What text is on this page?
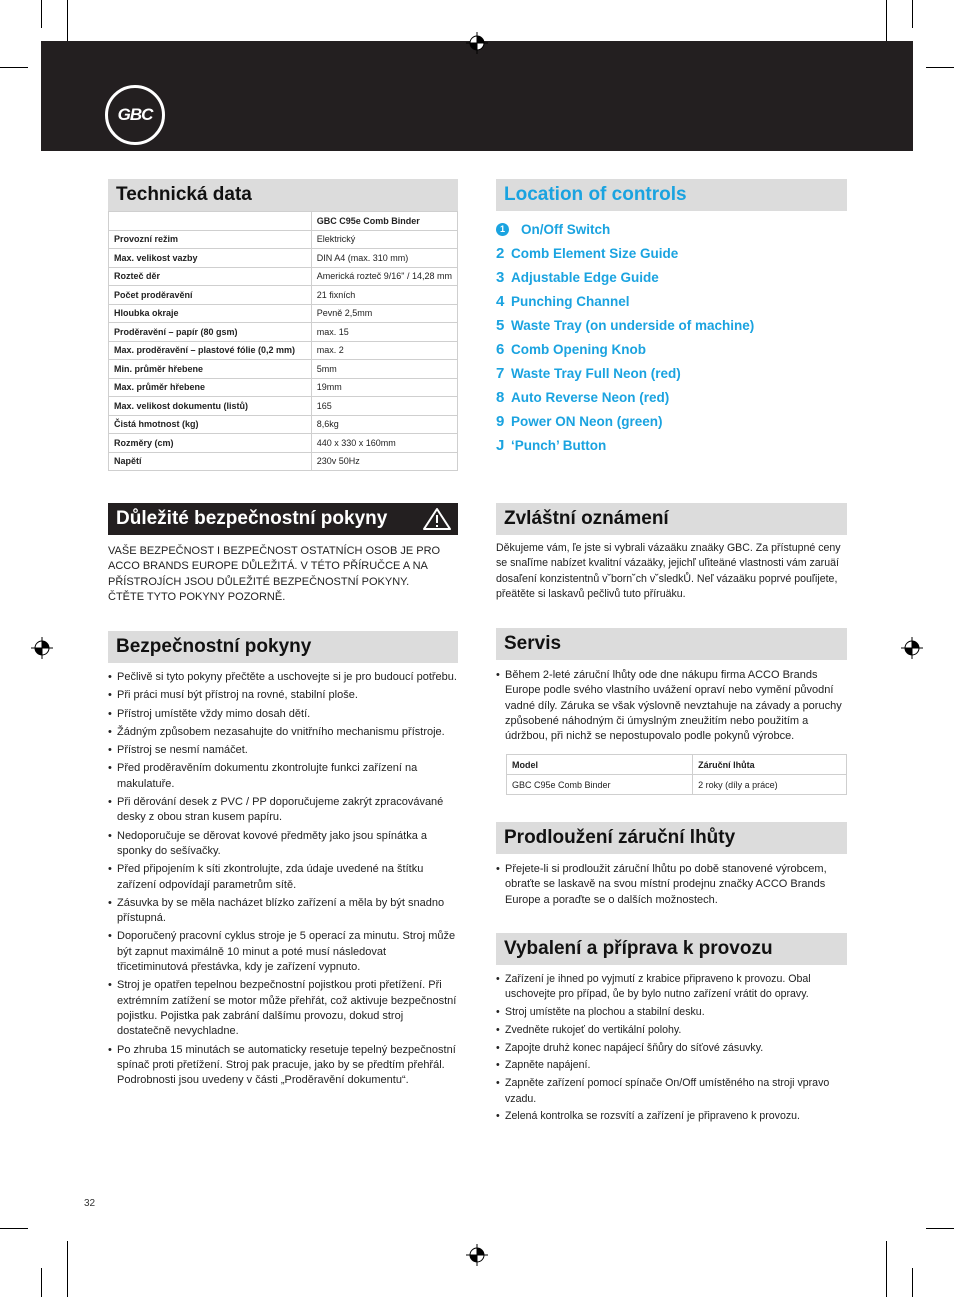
GBC
Technická data
	GBC C95e Comb Binder
Provozní režim	Elektrický
Max. velikost vazby	DIN A4 (max. 310 mm)
Rozteč děr	Americká rozteč 9/16" / 14,28 mm
Počet proděravění	21 fixních
Hloubka okraje	Pevně 2,5mm
Proděravění – papír (80 gsm)	max. 15
Max. proděravění – plastové fólie (0,2 mm)	max. 2
Min. průměr hřebene	5mm
Max. průměr hřebene	19mm
Max. velikost dokumentu (listů)	165
Čistá hmotnost (kg)	8,6kg
Rozměry (cm)	440 x 330 x 160mm
Napětí	230v 50Hz
Location of controls
1 On/Off Switch
2 Comb Element Size Guide
3 Adjustable Edge Guide
4 Punching Channel
5 Waste Tray (on underside of machine)
6 Comb Opening Knob
7 Waste Tray Full Neon (red)
8 Auto Reverse Neon (red)
9 Power ON Neon (green)
J ‘Punch’ Button
Důležité bezpečnostní pokyny

VAŠE BEZPEČNOST I BEZPEČNOST OSTATNÍCH OSOB JE PRO ACCO BRANDS EUROPE DŮLEŽITÁ. V TÉTO PŘÍRUČCE A NA PŘÍSTROJÍCH JSOU DŮLEŽITÉ BEZPEČNOSTNÍ POKYNY. ČTĚTE TYTO POKYNY POZORNĚ.

Zvláštní oznámení

Děkujeme vám, ľe jste si vybrali vázaäku znaäky GBC. Za přístupné ceny se snaľíme nabízet kvalitní vázaäky, jejichľ uľiteäné vlastnosti vám zaruäí dosaľení konzistentnů v˘born˘ch v˘sledkŮ. Neľ vázaäku poprvé pouľijete, přeätěte si laskavů pečlivů tuto příruäku.

Bezpečnostní pokyny
• Pečlivě si tyto pokyny přečtěte a uschovejte si je pro budoucí potřebu.
• Při práci musí být přístroj na rovné, stabilní ploše.
• Přístroj umístěte vždy mimo dosah dětí.
• Žádným způsobem nezasahujte do vnitřního mechanismu přístroje.
• Přístroj se nesmí namáčet.
• Před proděravěním dokumentu zkontrolujte funkci zařízení na makulatuře.
• Při děrování desek z PVC / PP doporučujeme zakrýt zpracovávané desky z obou stran kusem papíru.
• Nedoporučuje se děrovat kovové předměty jako jsou spínátka a sponky do sešívačky.
• Před připojením k síti zkontrolujte, zda údaje uvedené na štítku zařízení odpovídají parametrům sítě.
• Zásuvka by se měla nacházet blízko zařízení a měla by být snadno přístupná.
• Doporučený pracovní cyklus stroje je 5 operací za minutu. Stroj může být zapnut maximálně 10 minut a poté musí následovat třicetiminutová přestávka, kdy je zařízení vypnuto.
• Stroj je opatřen tepelnou bezpečnostní pojistkou proti přetížení. Při extrémním zatížení se motor může přehřát, což aktivuje bezpečnostní pojistku. Pojistka pak zabrání dalšímu provozu, dokud stroj dostatečně nevychladne.
• Po zhruba 15 minutách se automaticky resetuje tepelný bezpečnostní spínač proti přetížení. Stroj pak pracuje, jako by se předtím přehřál. Podrobnosti jsou uvedeny v části „Proděravění dokumentu“.
Servis
• Během 2-leté záruční lhůty ode dne nákupu firma ACCO Brands Europe podle svého vlastního uvážení opraví nebo vymění původní vadné díly. Záruka se však výslovně nevztahuje na závady a poruchy způsobené náhodným či úmyslným zneužitím nebo použitím a údržbou, při nichž se nepostupovalo podle pokynů výrobce.
Model	Záruční lhůta
GBC C95e Comb Binder	2 roky (díly a práce)
Prodloužení záruční lhůty
• Přejete-li si prodloužit záruční lhůtu po době stanovené výrobcem, obraťte se laskavě na svou místní prodejnu značky ACCO Brands Europe a poraďte se o dalších možnostech.
Vybalení a příprava k provozu
• Zařízení je ihned po vyjmutí z krabice připraveno k provozu. Obal uschovejte pro případ, ůe by bylo nutno zařízení vrátit do opravy.
• Stroj umístěte na plochou a stabilní desku.
• Zvedněte rukojeť do vertikální polohy.
• Zapojte druhż konec napájecí šňůry do síťové zásuvky.
• Zapněte napájení.
• Zapněte zařízení pomocí spínače On/Off umístěného na stroji vpravo vzadu.
• Zelená kontrolka se rozsvítí a zařízení je připraveno k provozu.
32
